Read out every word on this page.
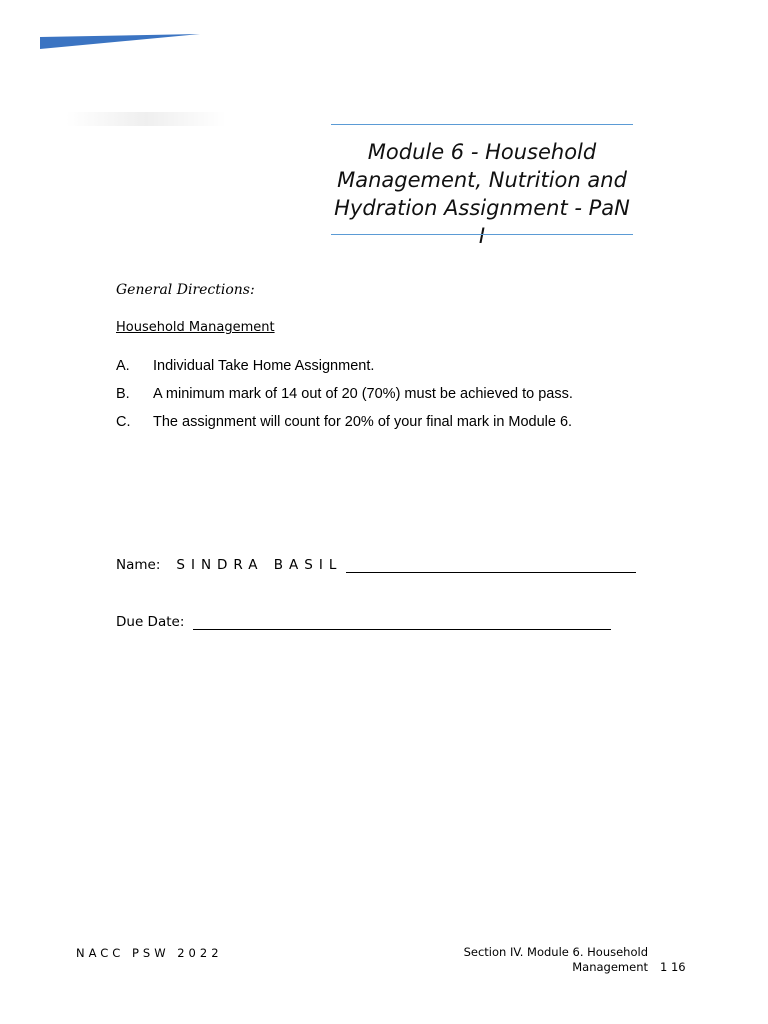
Module 6 - Household
Management, Nutrition and
Hydration Assignment - PaN I
General Directions:
Household Management
A.	Individual Take Home Assignment.
B.	A minimum mark of 14 out of 20 (70%) must be achieved to pass.
C.	The assignment will count for 20% of your final mark in Module 6.
Name: SINDRA BASIL
Due Date:
NACC PSW 2022	Section IV. Module 6. Household
Management 1 16
